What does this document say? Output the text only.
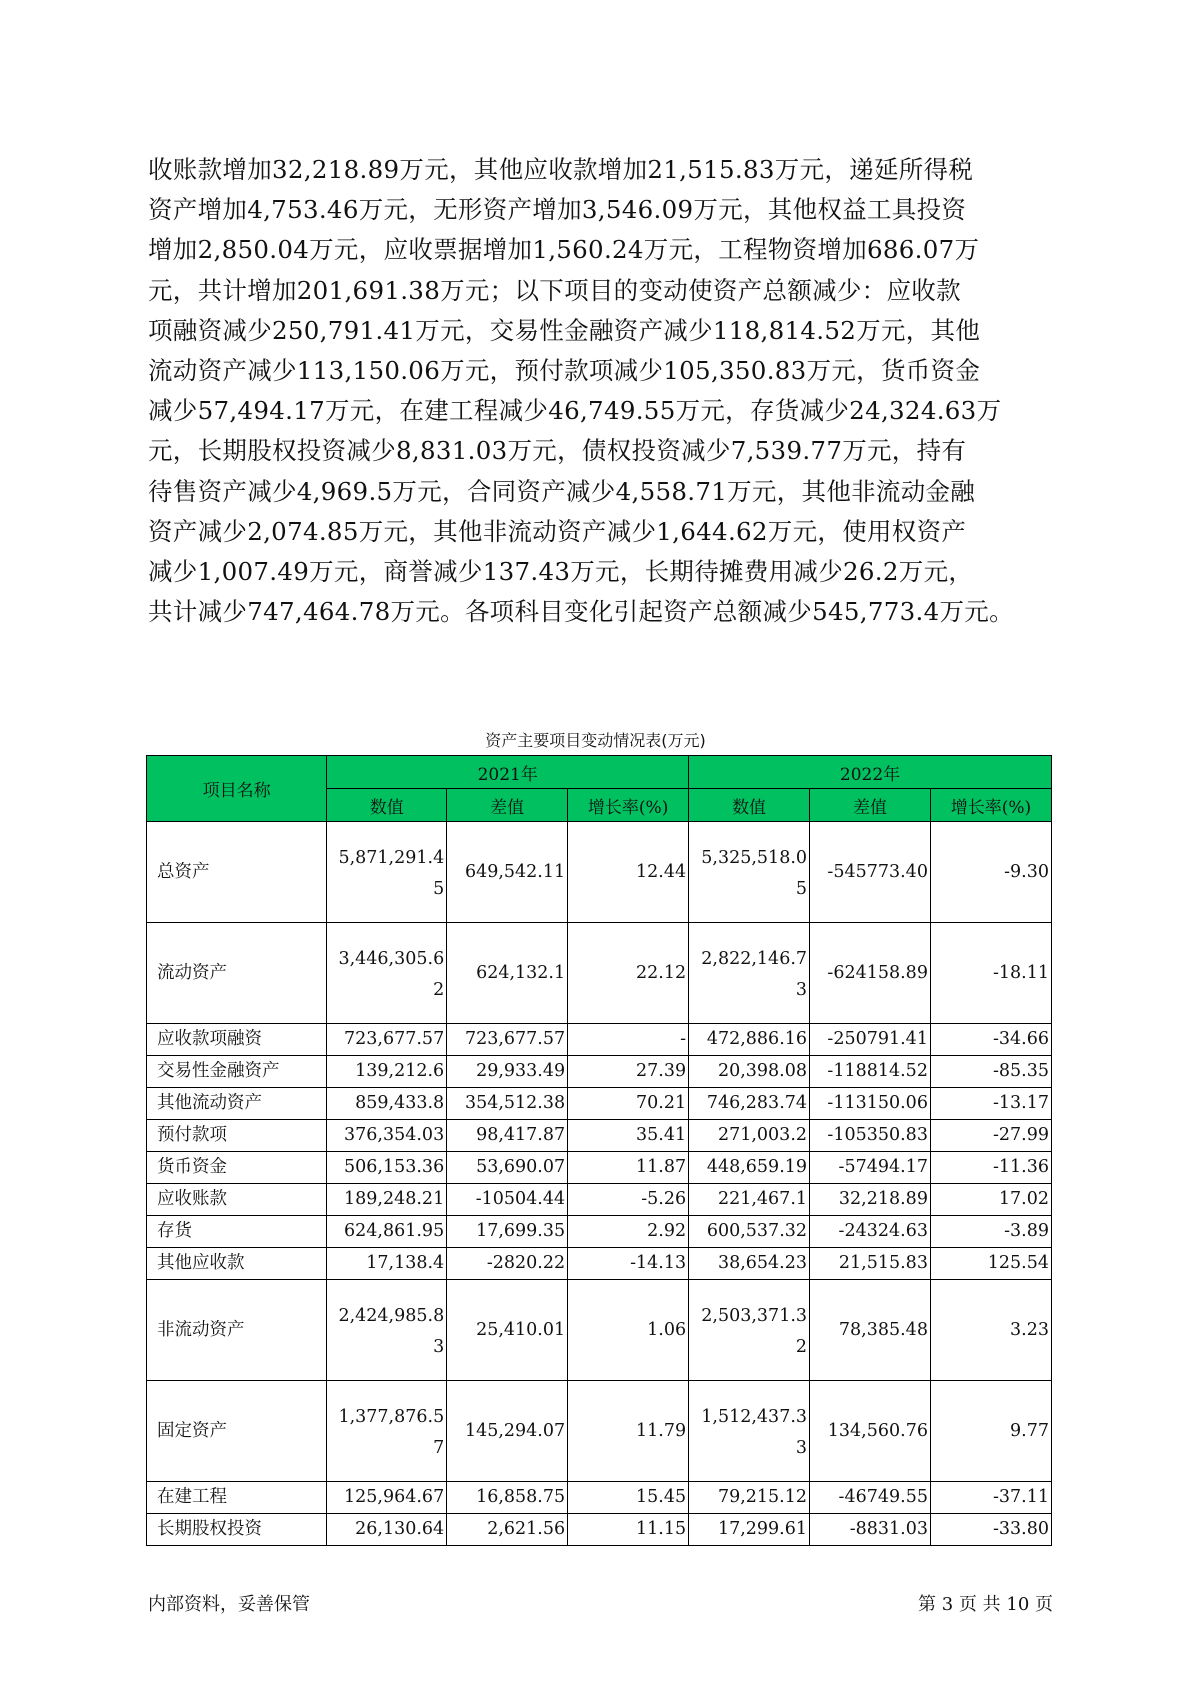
收账款增加32,218.89万元，其他应收款增加21,515.83万元，递延所得税

资产增加4,753.46万元，无形资产增加3,546.09万元，其他权益工具投资

增加2,850.04万元，应收票据增加1,560.24万元，工程物资增加686.07万

元，共计增加201,691.38万元；以下项目的变动使资产总额减少：应收款

项融资减少250,791.41万元，交易性金融资产减少118,814.52万元，其他

流动资产减少113,150.06万元，预付款项减少105,350.83万元，货币资金

减少57,494.17万元，在建工程减少46,749.55万元，存货减少24,324.63万

元，长期股权投资减少8,831.03万元，债权投资减少7,539.77万元，持有

待售资产减少4,969.5万元，合同资产减少4,558.71万元，其他非流动金融

资产减少2,074.85万元，其他非流动资产减少1,644.62万元，使用权资产

减少1,007.49万元，商誉减少137.43万元，长期待摊费用减少26.2万元，

共计减少747,464.78万元。各项科目变化引起资产总额减少545,773.4万元。

资产主要项目变动情况表(万元)
项目名称	2021年			2022年		
	数值	差值	增长率(%)	数值	差值	增长率(%)
总资产	5,871,291.45	649,542.11	12.44	5,325,518.05	-545773.40	-9.30
流动资产	3,446,305.62	624,132.1	22.12	2,822,146.73	-624158.89	-18.11
应收款项融资	723,677.57	723,677.57	-	472,886.16	-250791.41	-34.66
交易性金融资产	139,212.6	29,933.49	27.39	20,398.08	-118814.52	-85.35
其他流动资产	859,433.8	354,512.38	70.21	746,283.74	-113150.06	-13.17
预付款项	376,354.03	98,417.87	35.41	271,003.2	-105350.83	-27.99
货币资金	506,153.36	53,690.07	11.87	448,659.19	-57494.17	-11.36
应收账款	189,248.21	-10504.44	-5.26	221,467.1	32,218.89	17.02
存货	624,861.95	17,699.35	2.92	600,537.32	-24324.63	-3.89
其他应收款	17,138.4	-2820.22	-14.13	38,654.23	21,515.83	125.54
非流动资产	2,424,985.83	25,410.01	1.06	2,503,371.32	78,385.48	3.23
固定资产	1,377,876.57	145,294.07	11.79	1,512,437.33	134,560.76	9.77
在建工程	125,964.67	16,858.75	15.45	79,215.12	-46749.55	-37.11
长期股权投资	26,130.64	2,621.56	11.15	17,299.61	-8831.03	-33.80
内部资料，妥善保管	第 3 页 共 10 页
